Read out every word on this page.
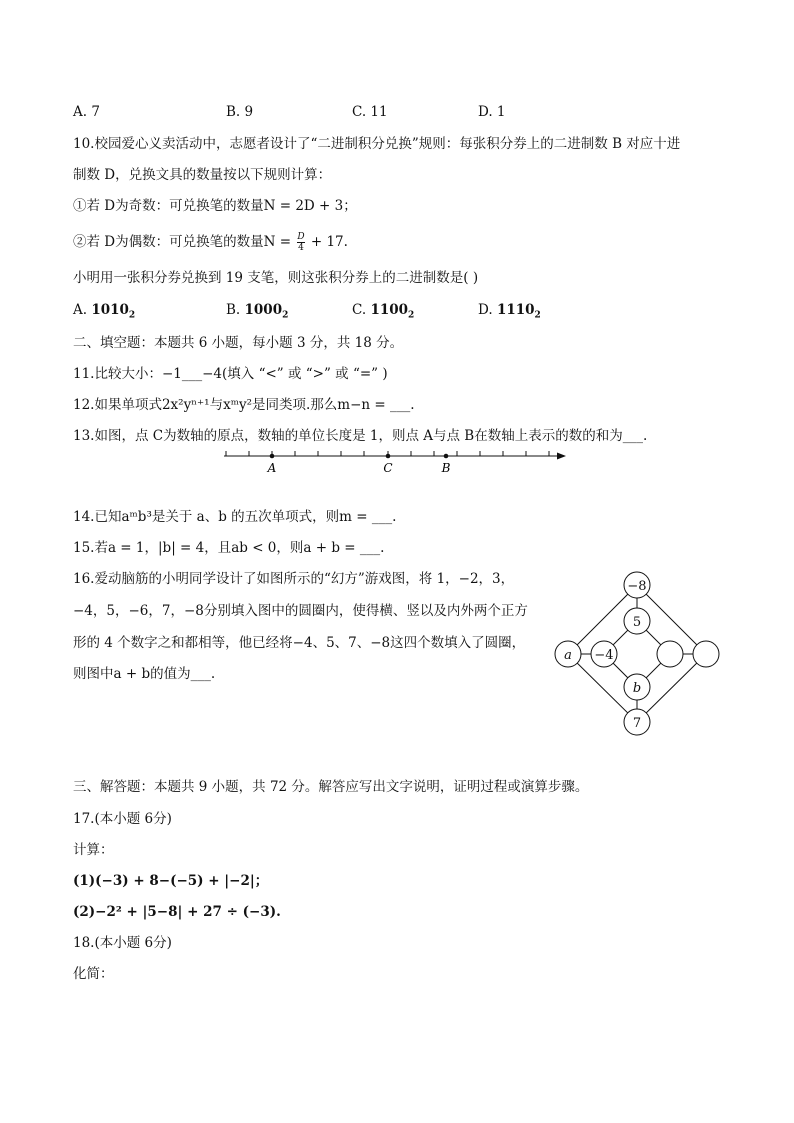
A. 7	B. 9	C. 11	D. 1
10.校园爱心义卖活动中，志愿者设计了“二进制积分兑换”规则：每张积分券上的二进制数 B 对应十进
制数 D，兑换文具的数量按以下规则计算：
①若 D为奇数：可兑换笔的数量N = 2D + 3；
②若 D为偶数：可兑换笔的数量$N = \frac{D}{4} + 17$.
小明用一张积分券兑换到 19 支笔，则这张积分券上的二进制数是( )
A. $1010_2$	B. $1000_2$	C. $1100_2$	D. $1110_2$
二、填空题：本题共 6 小题，每小题 3 分，共 18 分。
11.比较大小：−1___−4(填入 “<” 或 “>” 或 “=” )
12.如果单项式2x²yⁿ⁺¹与xᵐy²是同类项.那么m−n = ___.
13.如图，点 C为数轴的原点，数轴的单位长度是 1，则点 A与点 B在数轴上表示的数的和为___.
A	C	B
14.已知aᵐb³是关于 a、b 的五次单项式，则m = ___.
15.若a = 1，|b| = 4，且ab < 0，则a + b = ___.
16.爱动脑筋的小明同学设计了如图所示的“幻方”游戏图，将 1，−2，3，
−4，5，−6，7，−8分别填入图中的圆圈内，使得横、竖以及内外两个正方
形的 4 个数字之和都相等，他已经将−4、5、7、−8这四个数填入了圆圈，
则图中a + b的值为___.
−8
5
a −4
b
7
三、解答题：本题共 9 小题，共 72 分。解答应写出文字说明，证明过程或演算步骤。
17.(本小题 6分)
计算：
(1)(−3) + 8−(−5) + |−2|；
(2)−2² + |5−8| + 27 ÷ (−3).
18.(本小题 6分)
化简：
